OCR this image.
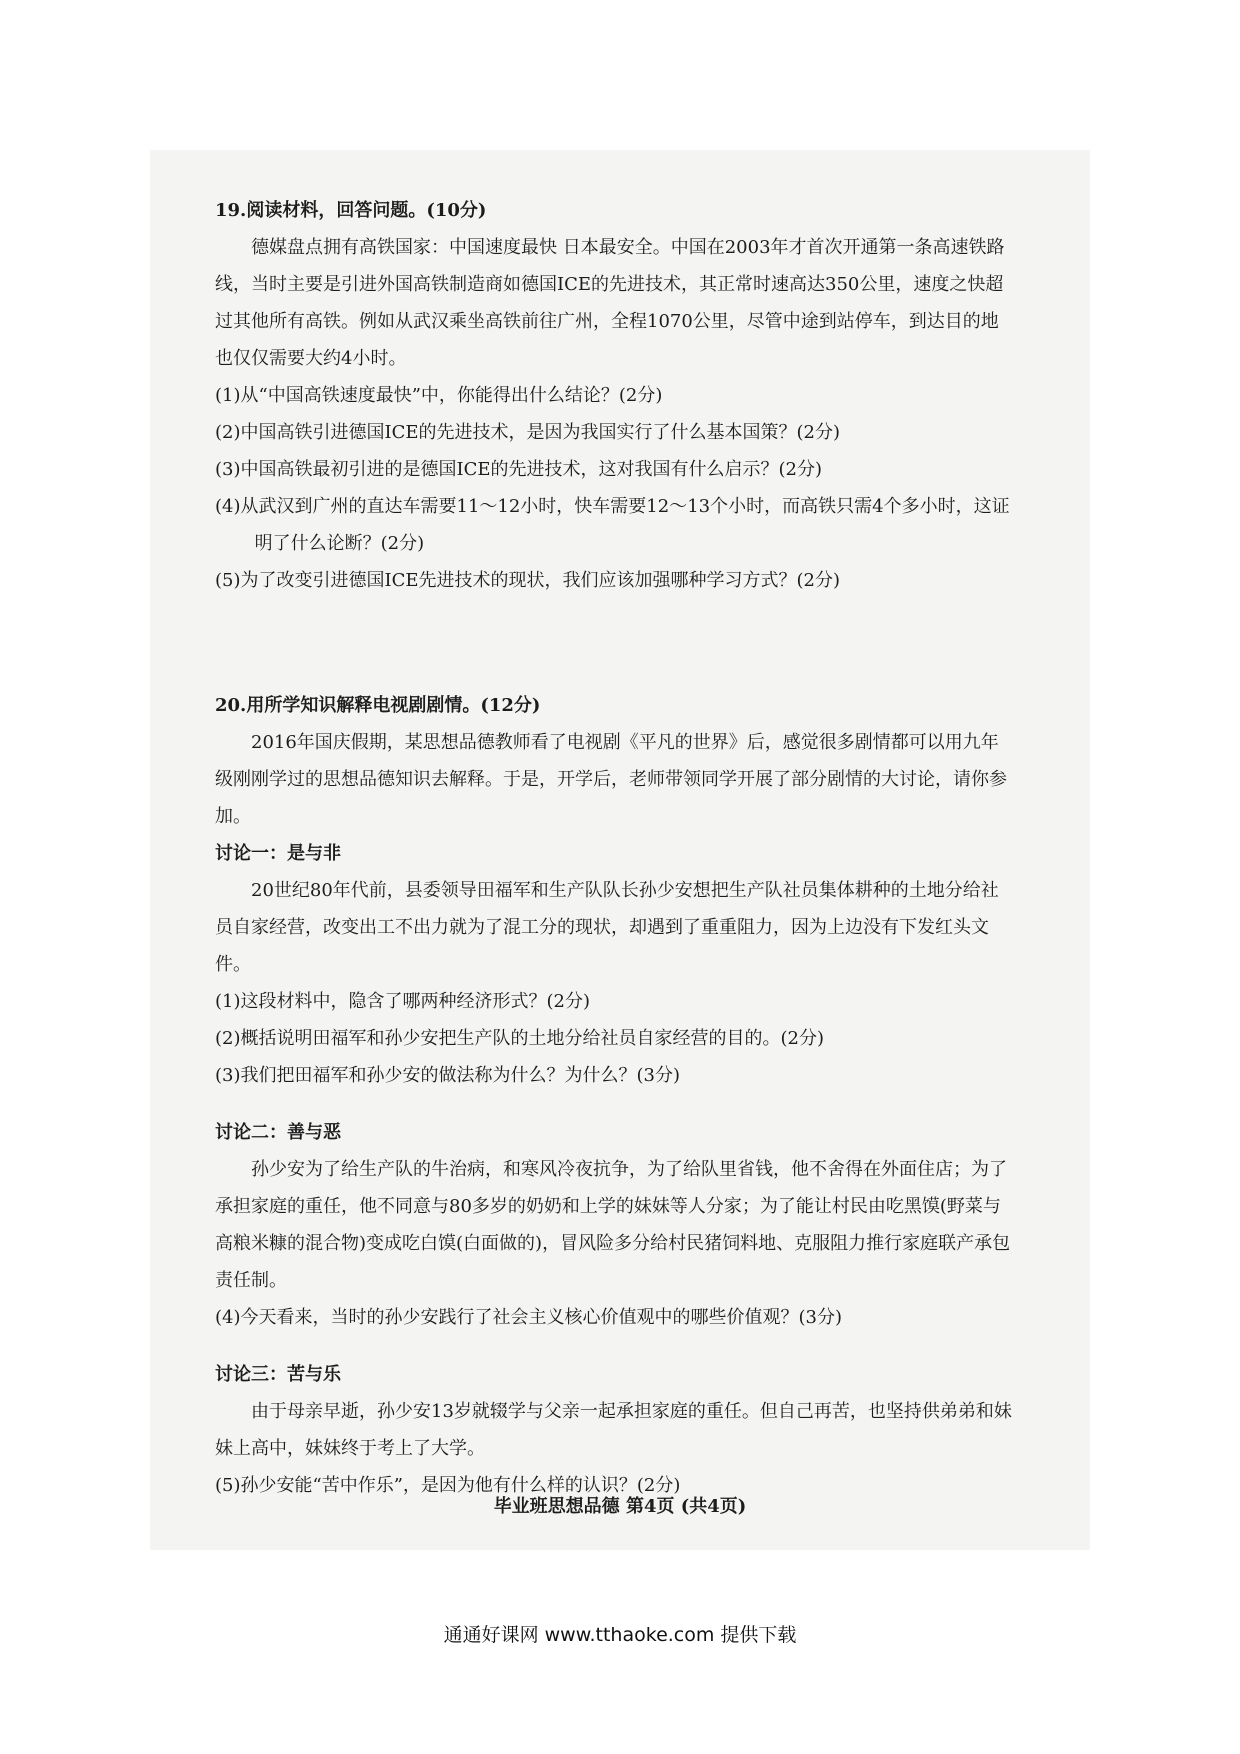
19.阅读材料，回答问题。(10分)

德媒盘点拥有高铁国家：中国速度最快 日本最安全。中国在2003年才首次开通第一条高速铁路线，当时主要是引进外国高铁制造商如德国ICE的先进技术，其正常时速高达350公里，速度之快超过其他所有高铁。例如从武汉乘坐高铁前往广州，全程1070公里，尽管中途到站停车，到达目的地也仅仅需要大约4小时。

(1)从“中国高铁速度最快”中，你能得出什么结论？(2分)

(2)中国高铁引进德国ICE的先进技术，是因为我国实行了什么基本国策？(2分)

(3)中国高铁最初引进的是德国ICE的先进技术，这对我国有什么启示？(2分)

(4)从武汉到广州的直达车需要11～12小时，快车需要12～13个小时，而高铁只需4个多小时，这证明了什么论断？(2分)

(5)为了改变引进德国ICE先进技术的现状，我们应该加强哪种学习方式？(2分)

20.用所学知识解释电视剧剧情。(12分)

2016年国庆假期，某思想品德教师看了电视剧《平凡的世界》后，感觉很多剧情都可以用九年级刚刚学过的思想品德知识去解释。于是，开学后，老师带领同学开展了部分剧情的大讨论，请你参加。

讨论一：是与非

20世纪80年代前，县委领导田福军和生产队队长孙少安想把生产队社员集体耕种的土地分给社员自家经营，改变出工不出力就为了混工分的现状，却遇到了重重阻力，因为上边没有下发红头文件。

(1)这段材料中，隐含了哪两种经济形式？(2分)

(2)概括说明田福军和孙少安把生产队的土地分给社员自家经营的目的。(2分)

(3)我们把田福军和孙少安的做法称为什么？为什么？(3分)

讨论二：善与恶

孙少安为了给生产队的牛治病，和寒风冷夜抗争，为了给队里省钱，他不舍得在外面住店；为了承担家庭的重任，他不同意与80多岁的奶奶和上学的妹妹等人分家；为了能让村民由吃黑馍(野菜与高粮米糠的混合物)变成吃白馍(白面做的)，冒风险多分给村民猪饲料地、克服阻力推行家庭联产承包责任制。

(4)今天看来，当时的孙少安践行了社会主义核心价值观中的哪些价值观？(3分)

讨论三：苦与乐

由于母亲早逝，孙少安13岁就辍学与父亲一起承担家庭的重任。但自己再苦，也坚持供弟弟和妹妹上高中，妹妹终于考上了大学。

(5)孙少安能“苦中作乐”，是因为他有什么样的认识？(2分)

毕业班思想品德 第4页 (共4页)
通通好课网 www.tthaoke.com 提供下载
